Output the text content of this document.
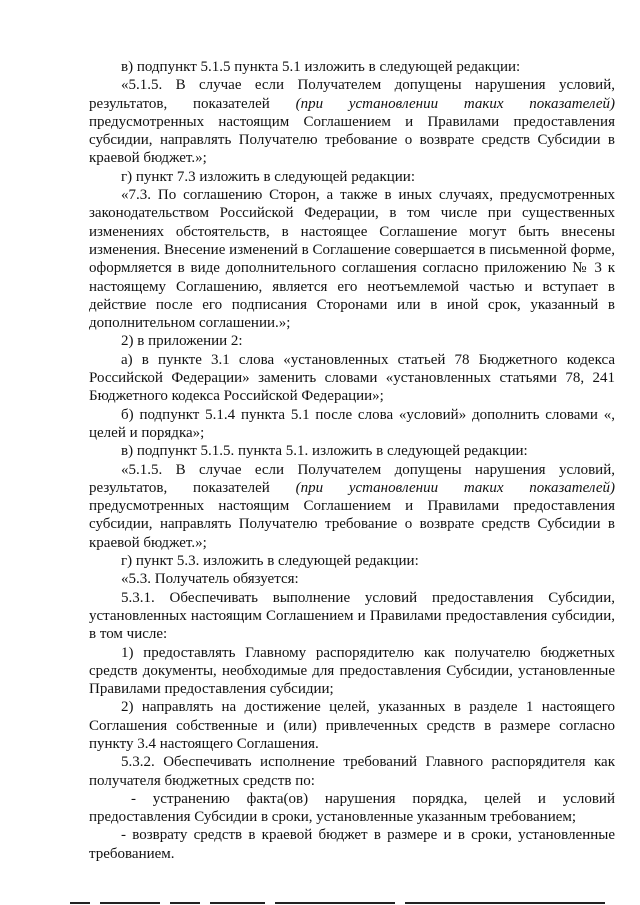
в) подпункт 5.1.5 пункта 5.1 изложить в следующей редакции:

«5.1.5. В случае если Получателем допущены нарушения условий, результатов, показателей (при установлении таких показателей) предусмотренных настоящим Соглашением и Правилами предоставления субсидии, направлять Получателю требование о возврате средств Субсидии в краевой бюджет.»;

г) пункт 7.3 изложить в следующей редакции:

«7.3. По соглашению Сторон, а также в иных случаях, предусмотренных законодательством Российской Федерации, в том числе при существенных изменениях обстоятельств, в настоящее Соглашение могут быть внесены изменения. Внесение изменений в Соглашение совершается в письменной форме, оформляется в виде дополнительного соглашения согласно приложению № 3 к настоящему Соглашению, является его неотъемлемой частью и вступает в действие после его подписания Сторонами или в иной срок, указанный в дополнительном соглашении.»;

2) в приложении 2:

а) в пункте 3.1 слова «установленных статьей 78 Бюджетного кодекса Российской Федерации» заменить словами «установленных статьями 78, 241 Бюджетного кодекса Российской Федерации»;

б) подпункт 5.1.4 пункта 5.1 после слова «условий» дополнить словами «, целей и порядка»;

в) подпункт 5.1.5. пункта 5.1. изложить в следующей редакции:

«5.1.5. В случае если Получателем допущены нарушения условий, результатов, показателей (при установлении таких показателей) предусмотренных настоящим Соглашением и Правилами предоставления субсидии, направлять Получателю требование о возврате средств Субсидии в краевой бюджет.»;

г) пункт 5.3. изложить в следующей редакции:

«5.3. Получатель обязуется:

5.3.1. Обеспечивать выполнение условий предоставления Субсидии, установленных настоящим Соглашением и Правилами предоставления субсидии, в том числе:

1) предоставлять Главному распорядителю как получателю бюджетных средств документы, необходимые для предоставления Субсидии, установленные Правилами предоставления субсидии;

2) направлять на достижение целей, указанных в разделе 1 настоящего Соглашения собственные и (или) привлеченных средств в размере согласно пункту 3.4 настоящего Соглашения.

5.3.2. Обеспечивать исполнение требований Главного распорядителя как получателя бюджетных средств по:

- устранению факта(ов) нарушения порядка, целей и условий предоставления Субсидии в сроки, установленные указанным требованием;

- возврату средств в краевой бюджет в размере и в сроки, установленные требованием.
